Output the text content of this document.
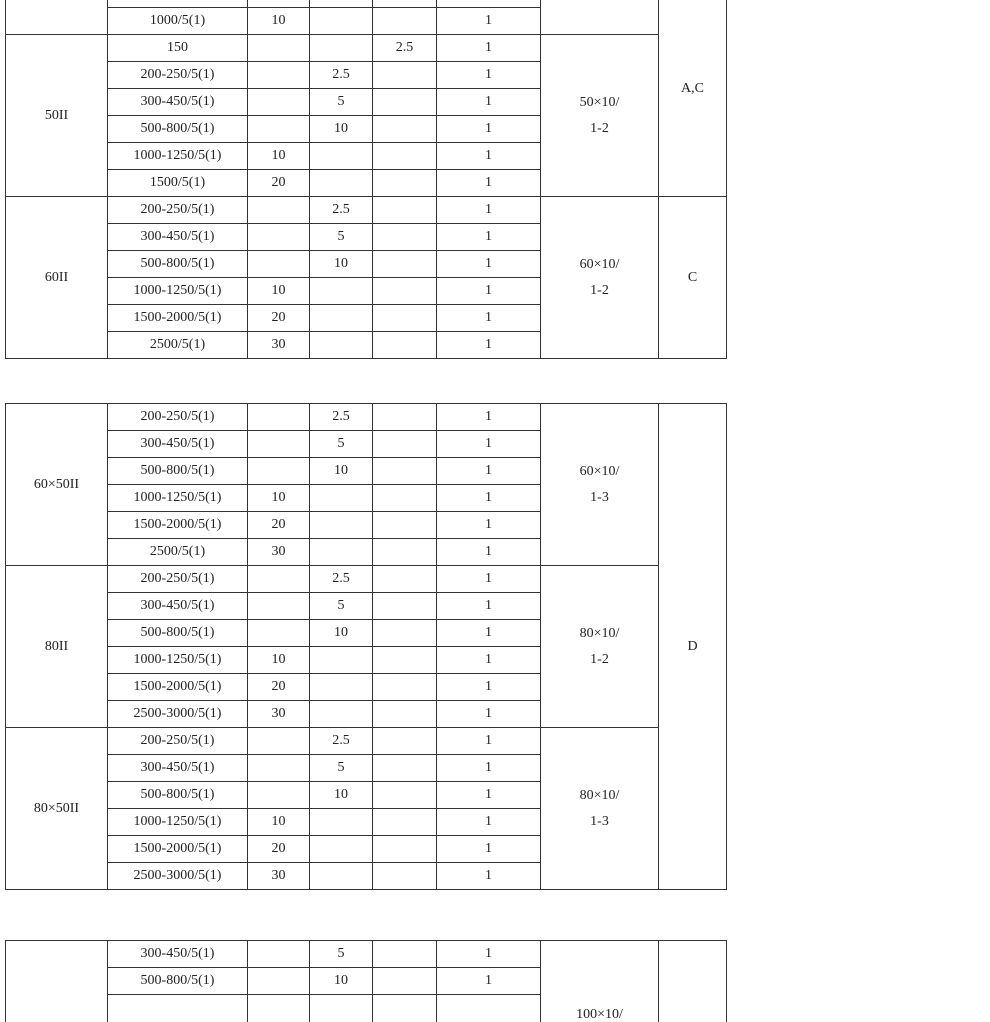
							A,C
	1000/5(1)	10			1		
50II	150			2.5	1	50×10/
1-2	
	200-250/5(1)		2.5		1		
	300-450/5(1)		5		1		
	500-800/5(1)		10		1		
	1000-1250/5(1)	10			1		
	1500/5(1)	20			1		
60II	200-250/5(1)		2.5		1	60×10/
1-2	C
	300-450/5(1)		5		1		
	500-800/5(1)		10		1		
	1000-1250/5(1)	10			1		
	1500-2000/5(1)	20			1		
	2500/5(1)	30			1		
60×50II	200-250/5(1)		2.5		1	60×10/
1-3	D
	300-450/5(1)		5		1		
	500-800/5(1)		10		1		
	1000-1250/5(1)	10			1		
	1500-2000/5(1)	20			1		
	2500/5(1)	30			1		
80II	200-250/5(1)		2.5		1	80×10/
1-2	
	300-450/5(1)		5		1		
	500-800/5(1)		10		1		
	1000-1250/5(1)	10			1		
	1500-2000/5(1)	20			1		
	2500-3000/5(1)	30			1		
80×50II	200-250/5(1)		2.5		1	80×10/
1-3	
	300-450/5(1)		5		1		
	500-800/5(1)		10		1		
	1000-1250/5(1)	10			1		
	1500-2000/5(1)	20			1		
	2500-3000/5(1)	30			1		
	300-450/5(1)		5		1	100×10/	
	500-800/5(1)		10		1		
